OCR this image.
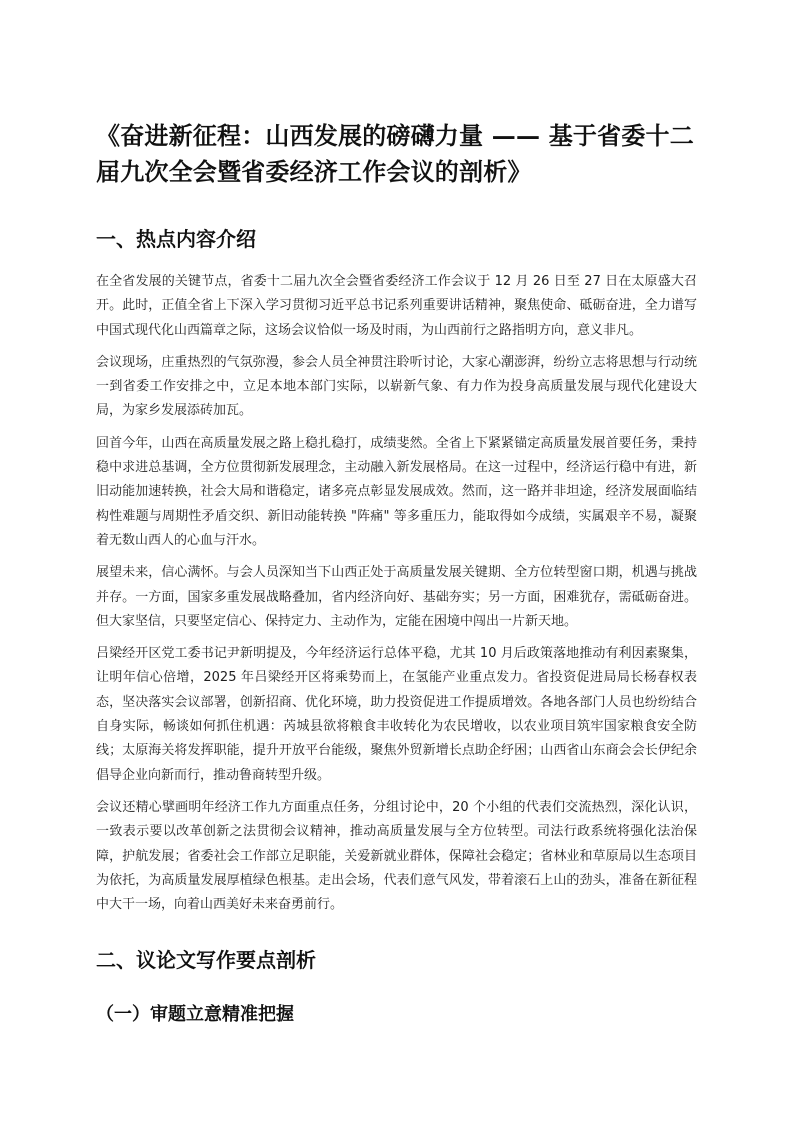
《奋进新征程：山西发展的磅礴力量 —— 基于省委十二届九次全会暨省委经济工作会议的剖析》
一、热点内容介绍

在全省发展的关键节点，省委十二届九次全会暨省委经济工作会议于 12 月 26 日至 27 日在太原盛大召开。此时，正值全省上下深入学习贯彻习近平总书记系列重要讲话精神，聚焦使命、砥砺奋进，全力谱写中国式现代化山西篇章之际，这场会议恰似一场及时雨，为山西前行之路指明方向，意义非凡。

会议现场，庄重热烈的气氛弥漫，参会人员全神贯注聆听讨论，大家心潮澎湃，纷纷立志将思想与行动统一到省委工作安排之中，立足本地本部门实际，以崭新气象、有力作为投身高质量发展与现代化建设大局，为家乡发展添砖加瓦。

回首今年，山西在高质量发展之路上稳扎稳打，成绩斐然。全省上下紧紧锚定高质量发展首要任务，秉持稳中求进总基调，全方位贯彻新发展理念，主动融入新发展格局。在这一过程中，经济运行稳中有进，新旧动能加速转换，社会大局和谐稳定，诸多亮点彰显发展成效。然而，这一路并非坦途，经济发展面临结构性难题与周期性矛盾交织、新旧动能转换 "阵痛" 等多重压力，能取得如今成绩，实属艰辛不易，凝聚着无数山西人的心血与汗水。

展望未来，信心满怀。与会人员深知当下山西正处于高质量发展关键期、全方位转型窗口期，机遇与挑战并存。一方面，国家多重发展战略叠加，省内经济向好、基础夯实；另一方面，困难犹存，需砥砺奋进。但大家坚信，只要坚定信心、保持定力、主动作为，定能在困境中闯出一片新天地。

吕梁经开区党工委书记尹新明提及，今年经济运行总体平稳，尤其 10 月后政策落地推动有利因素聚集，让明年信心倍增，2025 年吕梁经开区将乘势而上，在氢能产业重点发力。省投资促进局局长杨春权表态，坚决落实会议部署，创新招商、优化环境，助力投资促进工作提质增效。各地各部门人员也纷纷结合自身实际，畅谈如何抓住机遇：芮城县欲将粮食丰收转化为农民增收，以农业项目筑牢国家粮食安全防线；太原海关将发挥职能，提升开放平台能级，聚焦外贸新增长点助企纾困；山西省山东商会会长伊纪余倡导企业向新而行，推动鲁商转型升级。

会议还精心擘画明年经济工作九方面重点任务，分组讨论中，20 个小组的代表们交流热烈，深化认识，一致表示要以改革创新之法贯彻会议精神，推动高质量发展与全方位转型。司法行政系统将强化法治保障，护航发展；省委社会工作部立足职能，关爱新就业群体，保障社会稳定；省林业和草原局以生态项目为依托，为高质量发展厚植绿色根基。走出会场，代表们意气风发，带着滚石上山的劲头，准备在新征程中大干一场，向着山西美好未来奋勇前行。

二、议论文写作要点剖析
（一）审题立意精准把握
